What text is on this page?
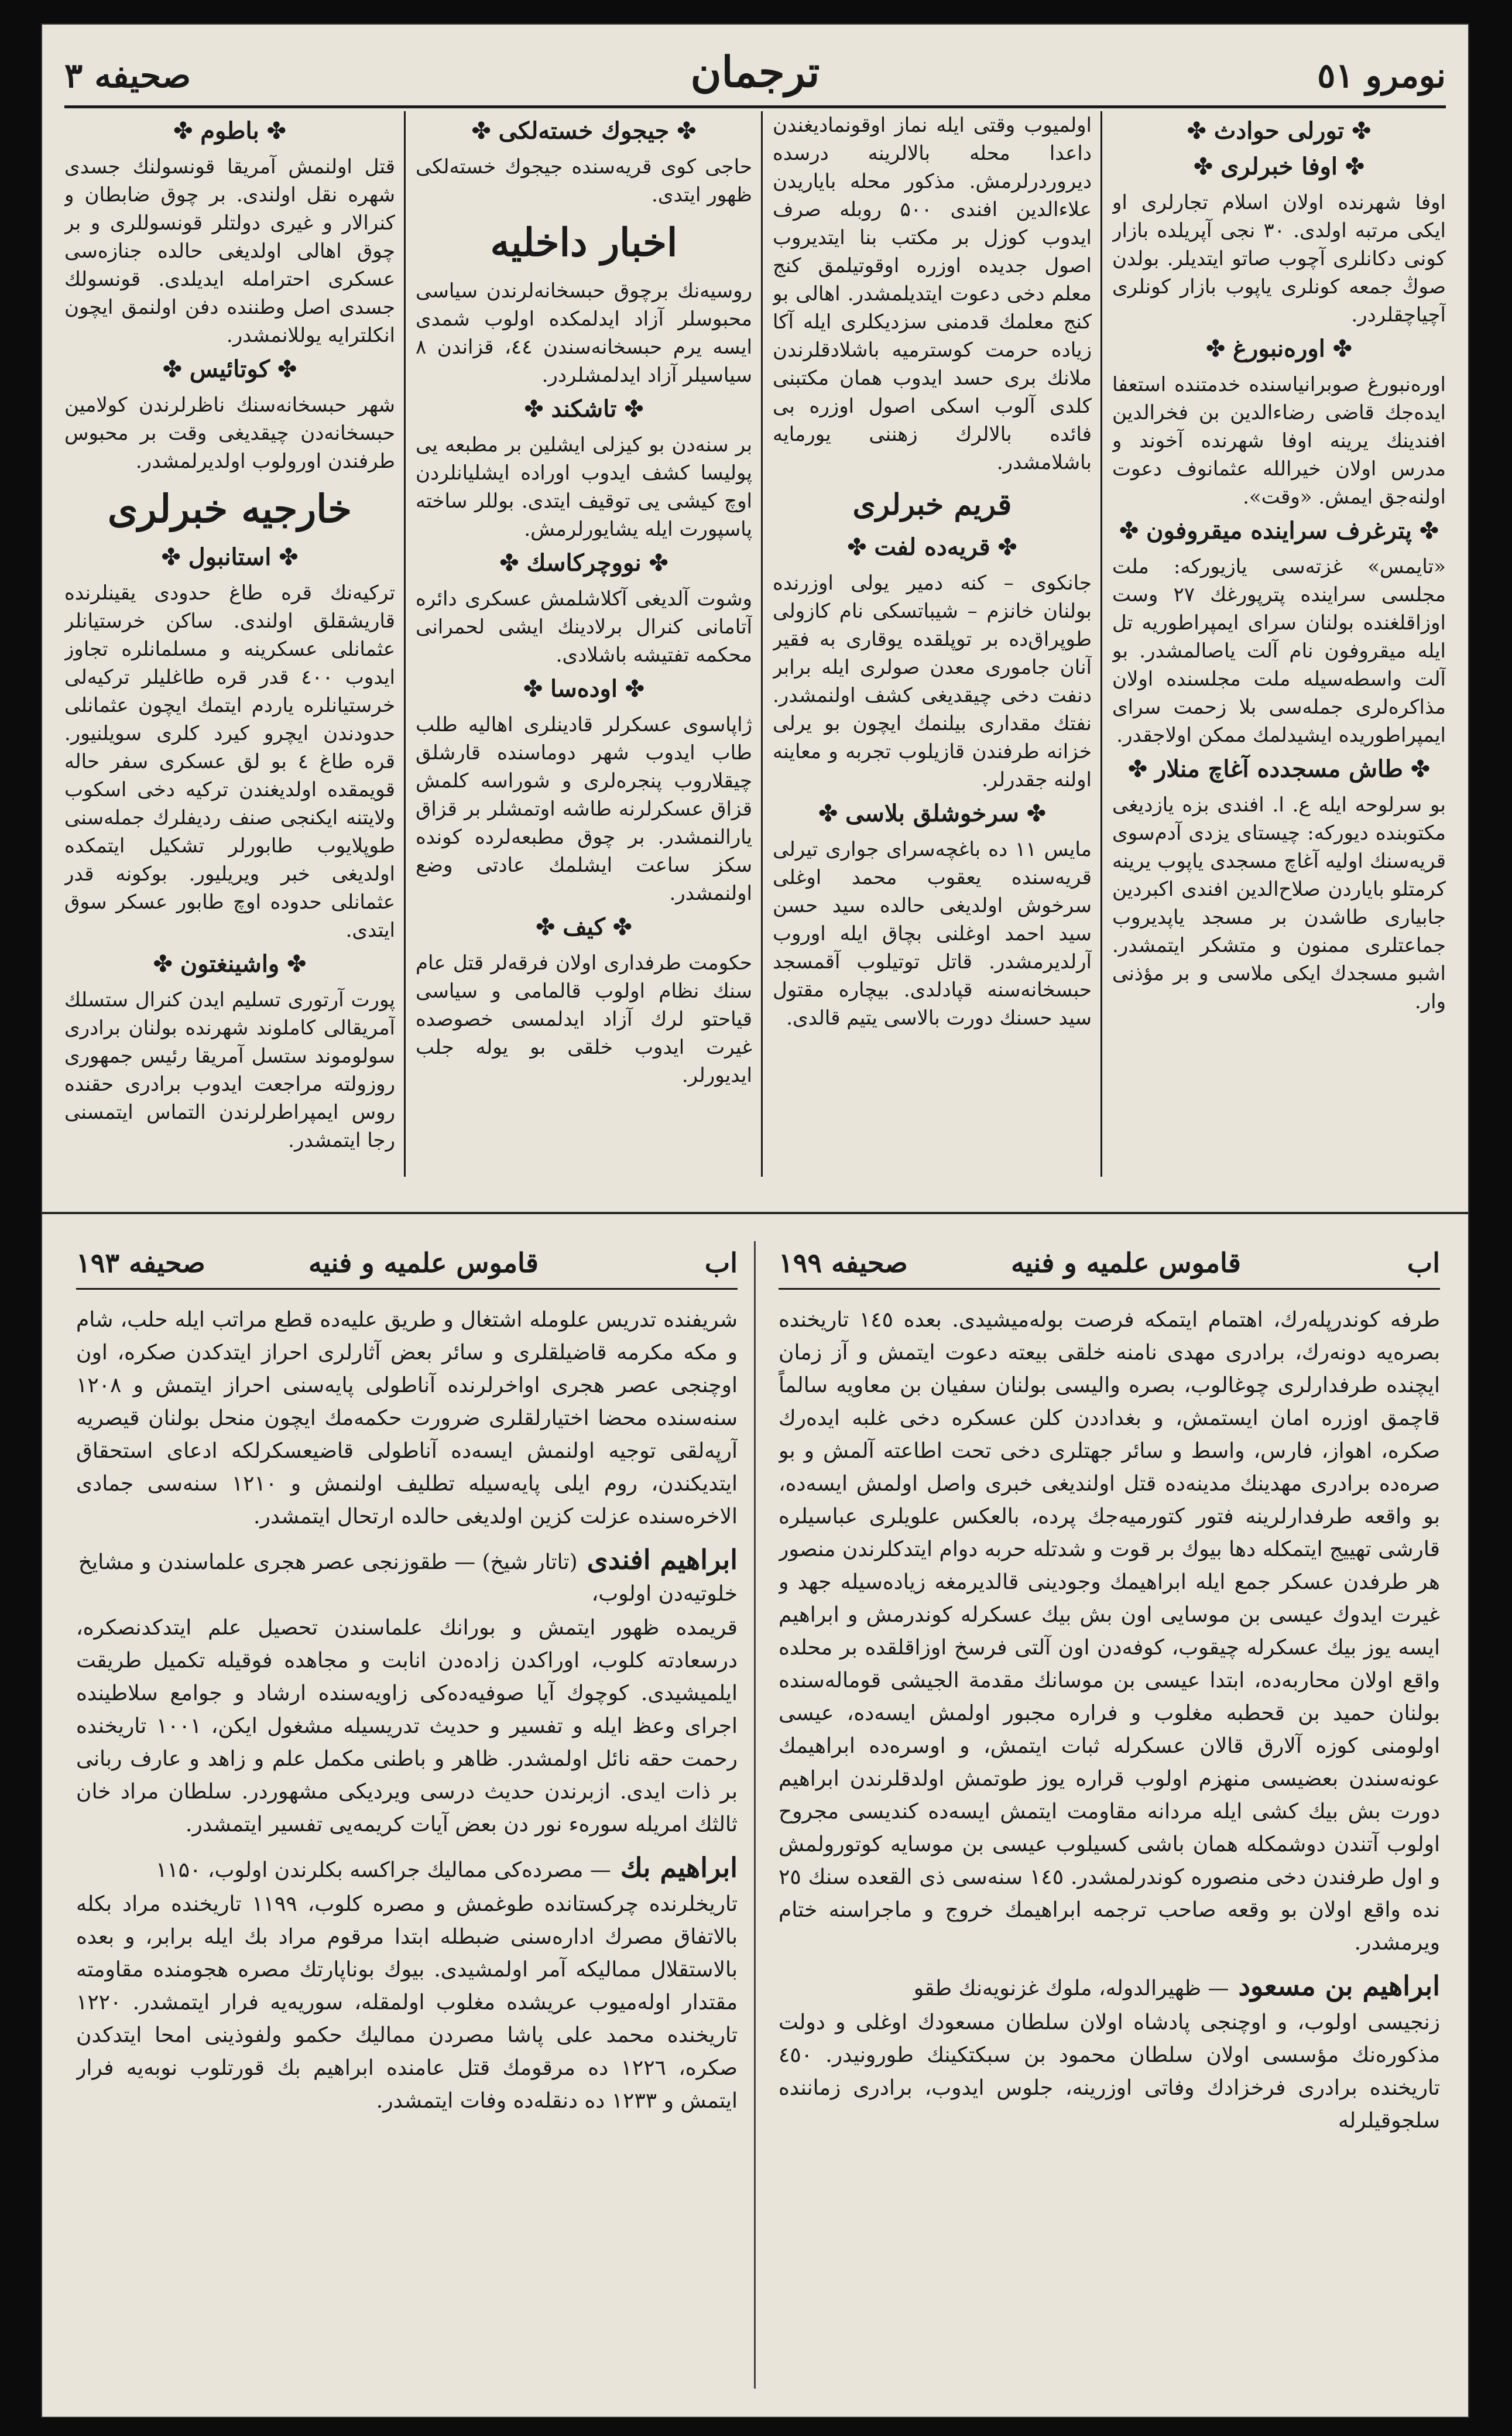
صحیفه ۳	ترجمان	نومرو ٥١
✤ تورلی حوادث ✤
✤ اوفا خبرلری ✤

اوفا شهرنده اولان اسلام تجارلری او ایکی مرتبه اولدی. ۳۰ نجی آپریلده بازار کونی دکانلری آچوب صاتو ایتدیلر. بولدن صوڭ جمعه کونلری یاپوب بازار کونلری آچیاچقلردر.

✤ اوره‌نبورغ ✤

اوره‌نبورغ صوبرانیاسنده خدمتنده استعفا ایده‌جك قاضی رضاءالدین بن فخرالدین افندینك یرینه اوفا شهرنده آخوند و مدرس اولان خیرالله عثمانوف دعوت اولنه‌جق ایمش. «وقت».

✤ پترغرف سراینده میقروفون ✤

«تایمس» غزته‌سی یازیورکه: ملت مجلسی سراینده پترپورغك ۲۷ وست اوزاقلغنده بولنان سرای ایمپراطوریه تل ایله میقروفون نام آلت یاصالمشدر. بو آلت واسطه‌سیله ملت مجلسنده اولان مذاکره‌لری جمله‌سی بلا زحمت سرای ایمپراطوریده ایشیدلمك ممکن اولاجقدر.

✤ طاش مسجدده آغاچ منلار ✤

بو سرلوحه ایله ع. ا. افندی بزه یازدیغی مکتوبنده دیورکه: چیستای یزدی آدم‌سوی قریه‌سنك اولیه آغاچ مسجدی یاپوب یرینه کرمتلو بایاردن صلاح‌الدین افندی اکبردین جابیاری طاشدن بر مسجد یاپدیروب جماعتلری ممنون و متشکر ایتمشدر. اشبو مسجدك ایکی ملاسی و بر مؤذنی وار.

اولمیوب وقتی ایله نماز اوقونمادیغندن داعدا محله بالالرینه درسده دیروردرلرمش. مذکور محله بایاریدن علاءالدین افندی ۵۰۰ روبله صرف ایدوب کوزل بر مکتب بنا ایتدیروب اصول جدیده اوزره اوقوتیلمق کنج معلم دخی دعوت ایتدیلمشدر. اهالی بو کنج معلمك قدمنی سزدیکلری ایله آکا زیاده حرمت کوسترمیه باشلادقلرندن ملانك بری حسد ایدوب همان مکتبنی کلدی آلوب اسکی اصول اوزره بی فائده بالالرك زهننی یورمایه باشلامشدر.

قریم خبرلری
✤ قریه‌ده لفت ✤

جانکوی – کنه دمیر یولی اوزرنده بولنان خانزم – شیباتسکی نام کازولی طوپراق‌ده بر توپلقده یوقاری به فقیر آنان جاموری معدن صولری ایله برابر دنفت دخی چیقدیغی کشف اولنمشدر. نفتك مقداری بیلنمك ایچون بو یرلی خزانه طرفندن قازیلوب تجربه و معاینه اولنه جقدرلر.

✤ سرخوشلق بلاسی ✤

مایس ۱۱ ده باغچه‌سرای جواری تیرلی قریه‌سنده یعقوب محمد اوغلی سرخوش اولدیغی حالده سید حسن سید احمد اوغلنی بچاق ایله اوروب آرلدیرمشدر. قاتل توتیلوب آقمسجد حبسخانه‌سنه قپادلدی. بیچاره مقتول سید حسنك دورت بالاسی یتیم قالدی.

✤ جیجوك خستەلکی ✤

حاجی کوی قریه‌سنده جیجوك خسته‌لکی ظهور ایتدی.

اخبار داخلیه

روسیه‌نك برچوق حبسخانه‌لرندن سیاسی محبوسلر آزاد ایدلمکده اولوب شمدی ایسه یرم حبسخانه‌سندن ٤٤، قزاندن ۸ سیاسیلر آزاد ایدلمشلردر.

✤ تاشکند ✤

بر سنه‌دن بو کیزلی ایشلین بر مطبعه یی پولیسا کشف ایدوب اوراده ایشلیانلردن اوچ کیشی یی توقیف ایتدی. بوللر ساخته پاسپورت ایله یشایورلرمش.

✤ نووچرکاسك ✤

وشوت آلدیغی آکلاشلمش عسکری دائره آتامانی کنرال برلادینك ایشی لحمرانی محکمه تفتیشه باشلادی.

✤ اوده‌سا ✤

ژاپاسوی عسکرلر قادینلری اهالیه طلب طاب ایدوب شهر دوماسنده قارشلق چیقلاروب پنجره‌لری و شوراسه کلمش قزاق عسکرلرنه طاشه اوتمشلر بر قزاق یارالنمشدر. بر چوق مطبعه‌لرده کونده سکز ساعت ایشلمك عادتی وضع اولنمشدر.

✤ کیف ✤

حکومت طرفداری اولان فرقه‌لر قتل عام سنك نظام اولوب قالمامی و سیاسی قیاحتو لرك آزاد ایدلمسی خصوصده غیرت ایدوب خلقی بو یوله جلب ایدیورلر.

✤ باطوم ✤

قتل اولنمش آمریقا قونسولنك جسدی شهره نقل اولندی. بر چوق ضابطان و کنرالار و غیری دولتلر قونسوللری و بر چوق اهالی اولدیغی حالده جنازه‌سی عسکری احترامله ایدیلدی. قونسولك جسدی اصل وطننده دفن اولنمق ایچون انکلترایه یوللانمشدر.

✤ کوتائیس ✤

شهر حبسخانه‌سنك ناظرلرندن کولامین حبسخانه‌دن چیقدیغی وقت بر محبوس طرفندن اورولوب اولدیرلمشدر.

خارجیه خبرلری
✤ استانبول ✤

ترکیه‌نك قره طاغ حدودی یقینلرنده قاریشقلق اولندی. ساکن خرستیانلر عثمانلی عسکرینه و مسلمانلره تجاوز ایدوب ٤۰۰ قدر قره طاغلیلر ترکیه‌لی خرستیانلره یاردم ایتمك ایچون عثمانلی حدودندن ایچرو کیرد کلری سویلنیور. قره طاغ ٤ بو لق عسکری سفر حاله قویمقده اولدیغندن ترکیه دخی اسکوب ولایتنه ایکنجی صنف ردیفلرك جمله‌سنی طوپلایوب طابورلر تشکیل ایتمکده اولدیغی خبر ویریلیور. بوکونه قدر عثمانلی حدوده اوچ طابور عسکر سوق ایتدی.

✤ واشینغتون ✤

پورت آرتوری تسلیم ایدن کنرال ستسلك آمریقالی کاملوند شهرنده بولنان برادری سولوموند ستسل آمریقا رئیس جمهوری روزولته مراجعت ایدوب برادری حقنده روس ایمپراطرلرندن التماس ایتمسنی رجا ایتمشدر.

اب
قاموس علمیه و فنیه
صحیفه ۱۹۹

طرفە کوندرپلەرك، اهتمام ایتمکە فرصت بولەمیشیدی. بعدە ۱٤٥ تاریخندە بصرەیە دونەرك، برادری مهدی نامنە خلقی بیعتە دعوت ایتمش و آز زمان ایچندە طرفدارلری چوغالوب، بصرە والیسی بولنان سفیان بن معاویە سالماً قاچمق اوزرە امان ایستمش، و بغداددن کلن عسکرە دخی غلبە ایدەرك صکرە، اهواز، فارس، واسط و سائر جهتلری دخی تحت اطاعتە آلمش و بو صرەدە برادری مهدینك مدینەدە قتل اولندیغی خبری واصل اولمش ایسەدە، بو واقعە طرفدارلرینە فتور کتورمیەجك پردە، بالعکس علویلری عباسیلرە قارشی تهییج ایتمکلە دها بیوك بر قوت و شدتلە حربە دوام ایتدکلرندن منصور هر طرفدن عسکر جمع ایلە ابراهیمك وجودینی قالدیرمغە زیادەسیلە جهد و غیرت ایدوك عیسی بن موسایی اون بش بیك عسکرلە کوندرمش و ابراهیم ایسە یوز بیك عسکرلە چیقوب، کوفەدن اون آلتی فرسخ اوزاقلقدە بر محلدە واقع اولان محاربەدە، ابتدا عیسی بن موسانك مقدمة الجیشی قومالەسندە بولنان حمید بن قحطبە مغلوب و فرارە مجبور اولمش ایسەدە، عیسی اولومنی کوزە آلارق قالان عسکرلە ثبات ایتمش، و اوسرەدە ابراهیمك عونەسندن بعضیسی منهزم اولوب قرارە یوز طوتمش اولدقلرندن ابراهیم دورت بش بیك کشی ایلە مردانە مقاومت ایتمش ایسەدە کندیسی مجروح اولوب آتندن دوشمکلە همان باشی کسیلوب عیسی بن موسایە کوتورولمش و اول طرفندن دخی منصورە کوندرلمشدر. ۱٤٥ سنەسی ذی القعدە سنك ۲٥ ندە واقع اولان بو وقعە صاحب ترجمە ابراهیمك خروج و ماجراسنە ختام ویرمشدر.

ابراهیم بن مسعود — ظهیرالدولە، ملوك غزنویەنك طقو

زنجیسی اولوب، و اوچنجی پادشاه اولان سلطان مسعودك اوغلی و دولت مذکورەنك مؤسسی اولان سلطان محمود بن سبکتکینك طورونیدر. ٤٥۰ تاریخندە برادری فرخزادك وفاتی اوزرینە، جلوس ایدوب، برادری زمانندە سلجوقیلرلە

اب
قاموس علمیه و فنیه
صحیفه ۱۹۳

شریفنده تدریس علوملە اشتغال و طریق علیەدە قطع مراتب ایله حلب، شام و مکە مکرمە قاضیلقلری و سائر بعض آثارلری احراز ایتدکدن صکره، اون اوچنجی عصر هجری اواخرلرندە آناطولی پایەسنی احراز ایتمش و ۱۲۰۸ سنەسندە محضا اختیارلقلری ضرورت حکمەمك ایچون منحل بولنان قیصریە آرپەلقی توجیە اولنمش ایسەدە آناطولی قاضیعسکرلکە ادعای استحقاق ایتدیکندن، روم ایلی پایەسیلە تطلیف اولنمش و ۱۲۱۰ سنەسی جمادی الاخرەسندە عزلت کزین اولدیغی حالدە ارتحال ایتمشدر.

ابراهیم افندی (تاتار شیخ) — طقوزنجی عصر هجری علماسندن و مشایخ خلوتیەدن اولوب،

قریمدە ظهور ایتمش و بورانك علماسندن تحصیل علم ایتدکدنصکرە، درسعادتە کلوب، اوراکدن زادەدن انابت و مجاهدە فوقیلە تکمیل طریقت ایلمیشیدی. کوچوك آیا صوفیەدەکی زاویەسندە ارشاد و جوامع سلاطینده اجرای وعظ ایلە و تفسیر و حدیث تدریسیلە مشغول ایکن، ۱۰۰۱ تاریخندە رحمت حقە نائل اولمشدر. ظاهر و باطنی مکمل علم و زاهد و عارف ربانی بر ذات ایدی. ازبرندن حدیث درسی ویردیکی مشهوردر. سلطان مراد خان ثالثك امریلە سورەء نور دن بعض آیات کریمەیی تفسیر ایتمشدر.

ابراهیم بك — مصردەکی ممالیك جراکسە بکلرندن اولوب، ۱۱۵۰

تاریخلرندە چرکستانده طوغمش و مصرە کلوب، ۱۱۹۹ تاریخندە مراد بکلە بالاتفاق مصرك ادارەسنی ضبطلە ابتدا مرقوم مراد بك ایلە برابر، و بعده بالاستقلال ممالیکە آمر اولمشیدی. بیوك بوناپارتك مصرە هجومندە مقاومتە مقتدار اولەمیوب عریشدە مغلوب اولمقلە، سوریەیە فرار ایتمشدر. ۱۲۲۰ تاریخندە محمد علی پاشا مصردن ممالیك حکمو ولفوذینی امحا ایتدکدن صکرە، ۱۲۲٦ دە مرقومك قتل عامندە ابراهیم بك قورتلوب نوبەیە فرار ایتمش و ۱۲۳۳ دە دنقلەدە وفات ایتمشدر.
